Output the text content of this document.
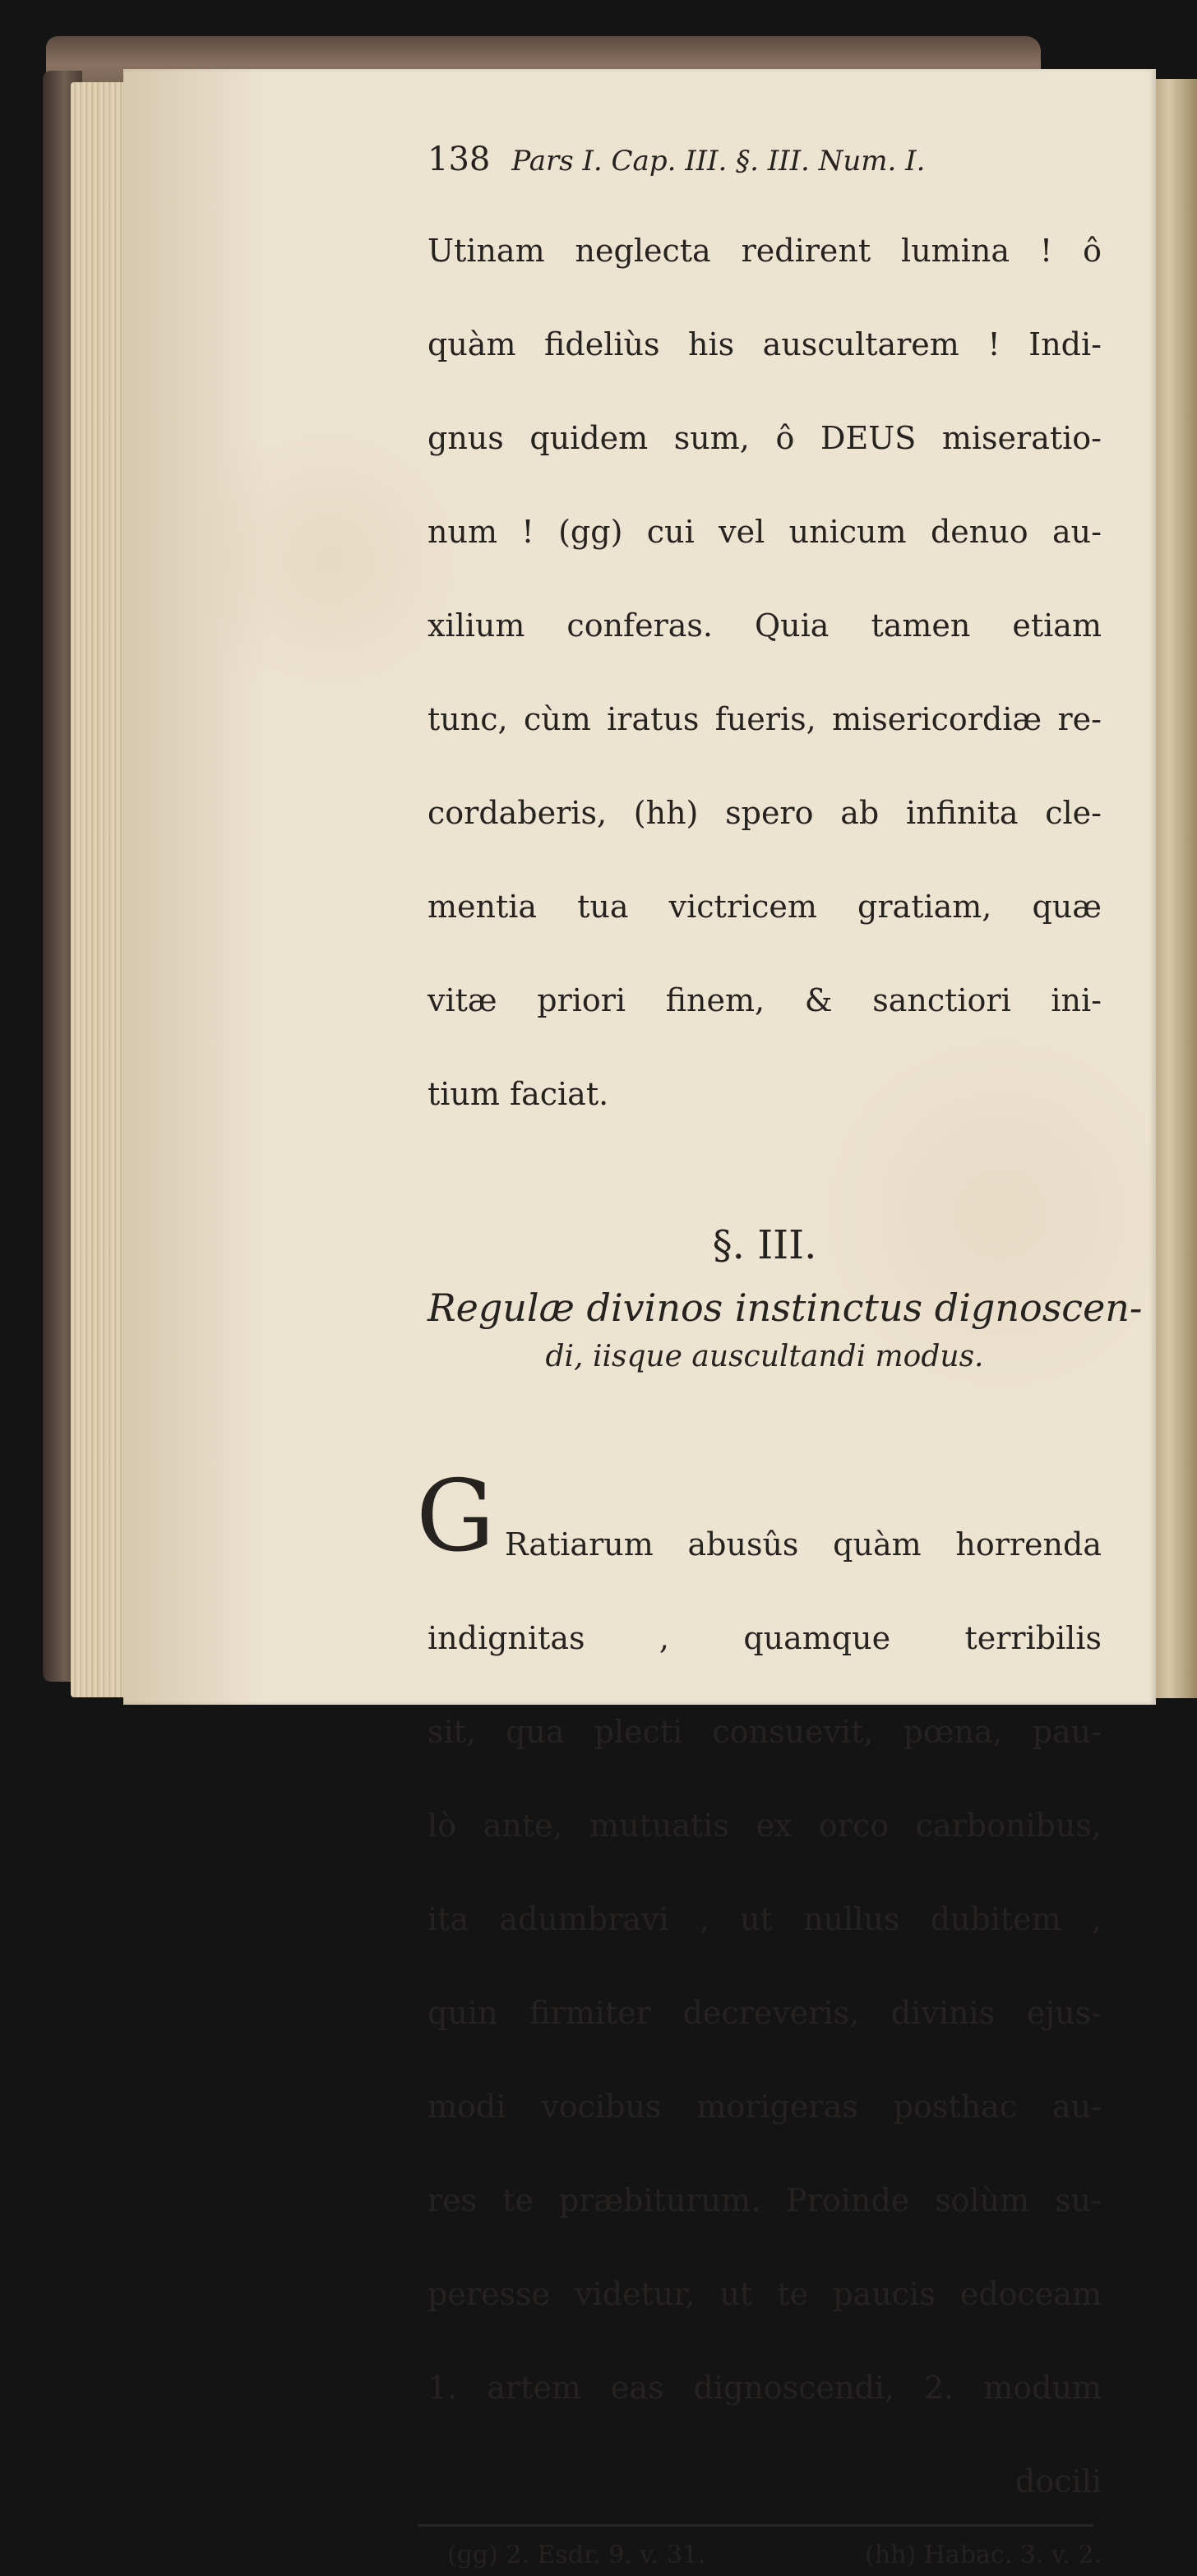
138 Pars I. Cap. III. §. III. Num. I.

Utinam neglecta redirent lumina ! ô

quàm fideliùs his auscultarem ! Indi-

gnus quidem sum, ô DEUS miseratio-

num ! (gg) cui vel unicum denuo au-

xilium conferas. Quia tamen etiam

tunc, cùm iratus fueris, misericordiæ re-

cordaberis, (hh) spero ab infinita cle-

mentia tua victricem gratiam, quæ

vitæ priori finem, & sanctiori ini-

tium faciat.

§. III.
Regulæ divinos instinctus dignoscen-
di, iisque auscultandi modus.

G Ratiarum abusûs quàm horrenda

indignitas , quamque terribilis

sit, qua plecti consuevit, pœna, pau-

lò ante, mutuatis ex orco carbonibus,

ita adumbravi , ut nullus dubitem ,

quin firmiter decreveris, divinis ejus-

modi vocibus morigeras posthac au-

res te præbiturum. Proinde solùm su-

peresse videtur, ut te paucis edoceam

1. artem eas dignoscendi, 2. modum

docili
(gg) 2. Esdr. 9. v. 31.	(hh) Habac. 3. v. 2.
